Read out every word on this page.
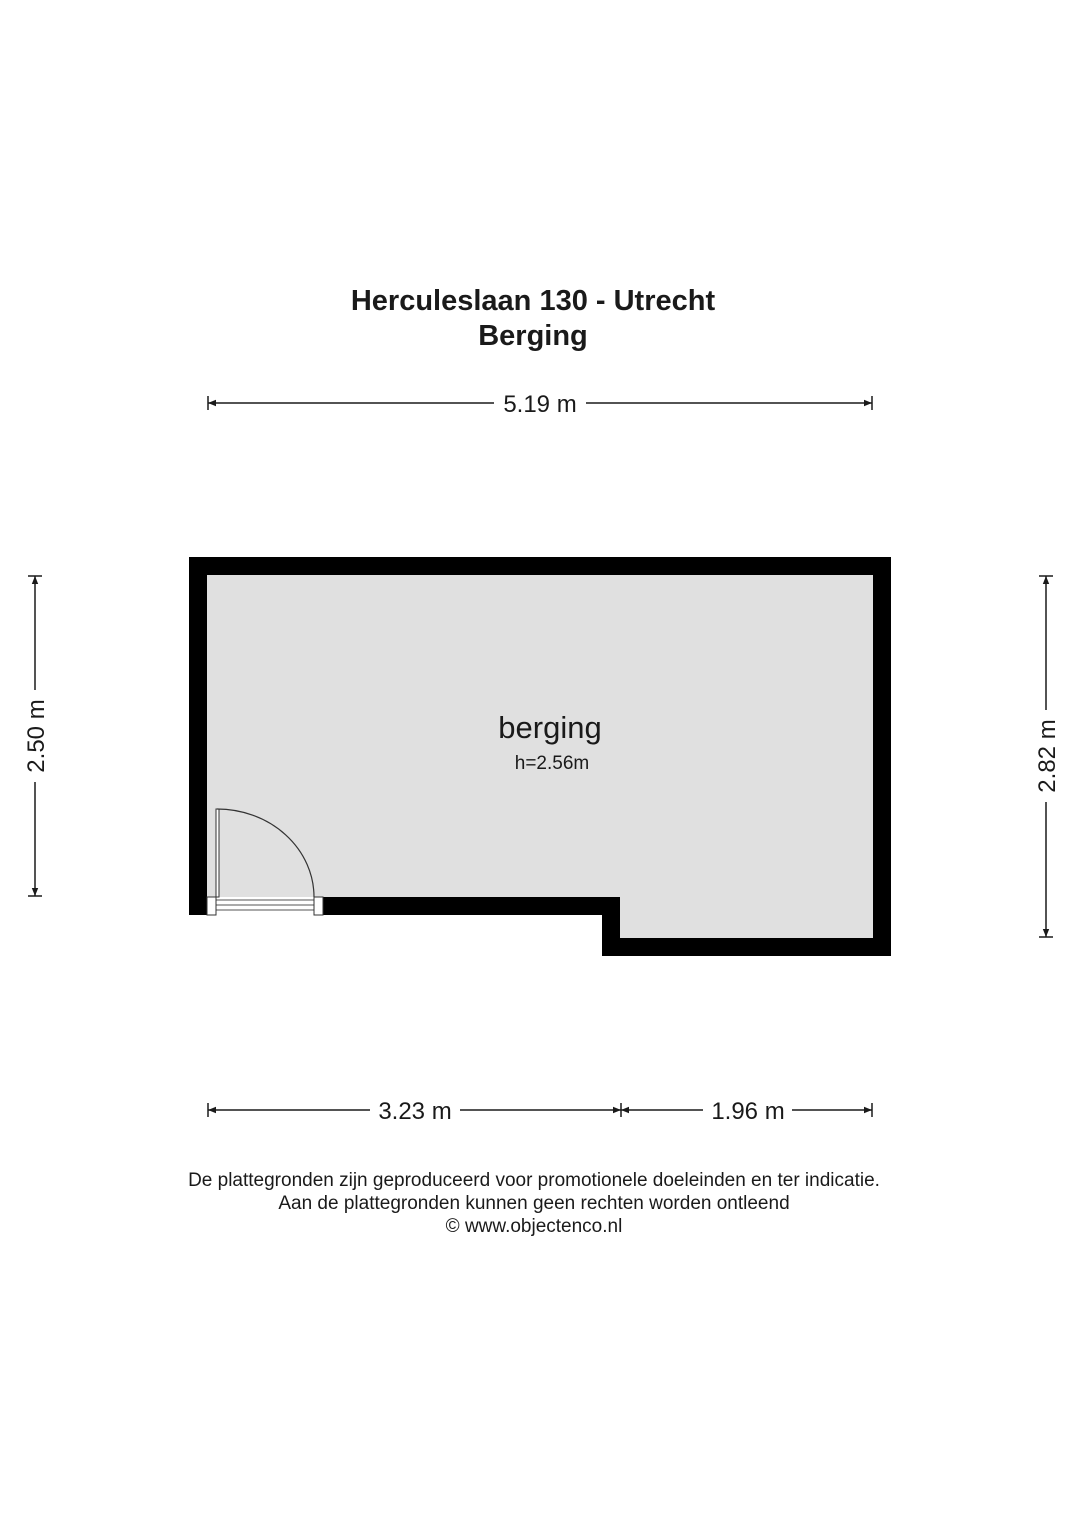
Herculeslaan 130 - Utrecht
Berging
5.19 m
2.50 m	2.82 m
3.23 m	1.96 m
berging
h=2.56m
De plattegronden zijn geproduceerd voor promotionele doeleinden en ter indicatie.
Aan de plattegronden kunnen geen rechten worden ontleend
© www.objectenco.nl
